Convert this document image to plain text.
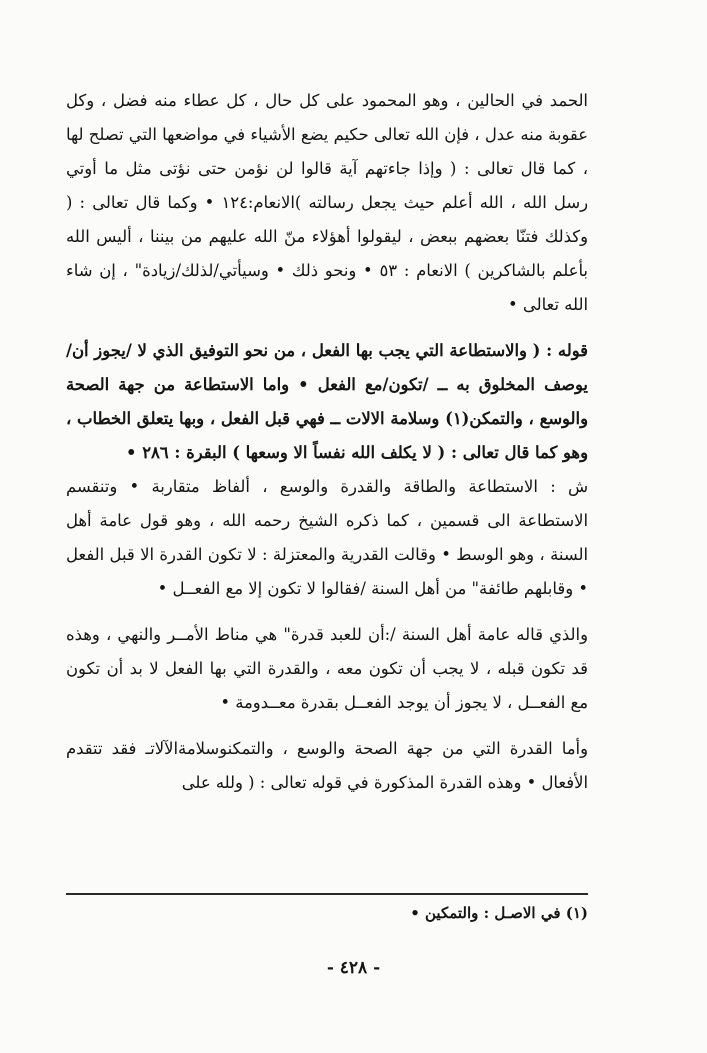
الحمد في الحالين ، وهو المحمود على كل حال ، كل عطاء منه فضل ، وكل عقوبة منه عدل ، فإن الله تعالى حكيم يضع الأشياء في مواضعها التي تصلح لها ، كما قال تعالى : ( وإذا جاءتهم آية قالوا لن نؤمن حتى نؤتى مثل ما أوتي رسل الله ، الله أعلم حيث يجعل رسالته )الانعام:١٢٤ • وكما قال تعالى : ( وكذلك فتنّا بعضهم ببعض ، ليقولوا أهؤلاء منّ الله عليهم من بيننا ، أليس الله بأعلم بالشاكرين ) الانعام : ٥٣ • ونحو ذلك • وسيأتي/لذلك/زيادة" ، إن شاء الله تعالى •

قوله : ( والاستطاعة التي يجب بها الفعل ، من نحو التوفيق الذي لا /يجوز أن/يوصف المخلوق به ــ /تكون/مع الفعل • واما الاستطاعة من جهة الصحة والوسع ، والتمكن(١) وسلامة الالات ــ فهي قبل الفعل ، وبها يتعلق الخطاب ، وهو كما قال تعالى : ( لا يكلف الله نفساً الا وسعها ) البقرة : ٢٨٦ •

ش : الاستطاعة والطاقة والقدرة والوسع ، ألفاظ متقاربة • وتنقسم الاستطاعة الى قسمين ، كما ذكره الشيخ رحمه الله ، وهو قول عامة أهل السنة ، وهو الوسط • وقالت القدرية والمعتزلة : لا تكون القدرة الا قبل الفعل • وقابلهم طائفة" من أهل السنة /فقالوا لا تكون إلا مع الفعــل •

والذي قاله عامة أهل السنة /:أن للعبد قدرة" هي مناط الأمــر والنهي ، وهذه قد تكون قبله ، لا يجب أن تكون معه ، والقدرة التي بها الفعل لا بد أن تكون مع الفعــل ، لا يجوز أن يوجد الفعــل بقدرة معــدومة •

وأما القدرة التي من جهة الصحة والوسع ، والتمكنوسلامةالآلاتـ فقد تتقدم الأفعال • وهذه القدرة المذكورة في قوله تعالى : ( ولله على

(١) في الاصـل : والتمكين •
- ٤٢٨ -
